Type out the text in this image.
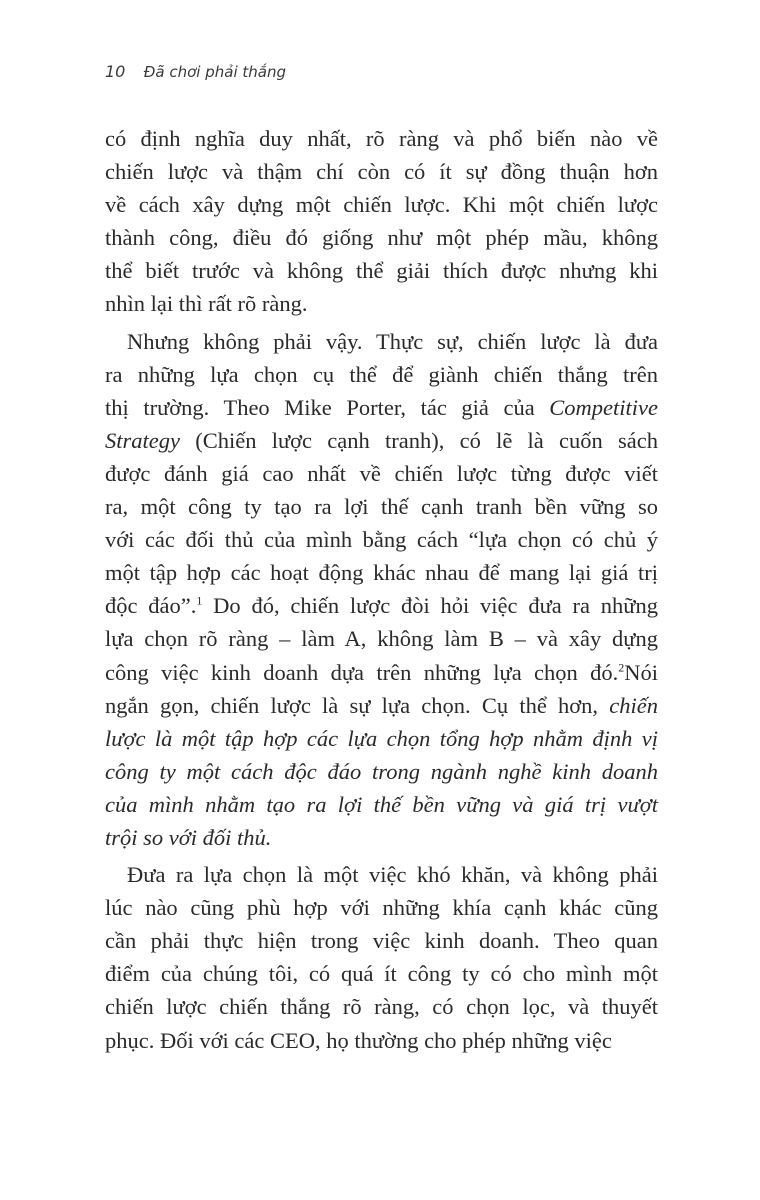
10 Đã chơi phải thắng
có định nghĩa duy nhất, rõ ràng và phổ biến nào về
chiến lược và thậm chí còn có ít sự đồng thuận hơn
về cách xây dựng một chiến lược. Khi một chiến lược
thành công, điều đó giống như một phép mầu, không
thể biết trước và không thể giải thích được nhưng khi
nhìn lại thì rất rõ ràng.
Nhưng không phải vậy. Thực sự, chiến lược là đưa
ra những lựa chọn cụ thể để giành chiến thắng trên
thị trường. Theo Mike Porter, tác giả của Competitive
Strategy (Chiến lược cạnh tranh), có lẽ là cuốn sách
được đánh giá cao nhất về chiến lược từng được viết
ra, một công ty tạo ra lợi thế cạnh tranh bền vững so
với các đối thủ của mình bằng cách “lựa chọn có chủ ý
một tập hợp các hoạt động khác nhau để mang lại giá trị
độc đáo”.$^1$ Do đó, chiến lược đòi hỏi việc đưa ra những
lựa chọn rõ ràng – làm A, không làm B – và xây dựng
công việc kinh doanh dựa trên những lựa chọn đó.$^2$Nói
ngắn gọn, chiến lược là sự lựa chọn. Cụ thể hơn, chiến
lược là một tập hợp các lựa chọn tổng hợp nhằm định vị
công ty một cách độc đáo trong ngành nghề kinh doanh
của mình nhằm tạo ra lợi thế bền vững và giá trị vượt
trội so với đối thủ.
Đưa ra lựa chọn là một việc khó khăn, và không phải
lúc nào cũng phù hợp với những khía cạnh khác cũng
cần phải thực hiện trong việc kinh doanh. Theo quan
điểm của chúng tôi, có quá ít công ty có cho mình một
chiến lược chiến thắng rõ ràng, có chọn lọc, và thuyết
phục. Đối với các CEO, họ thường cho phép những việc
